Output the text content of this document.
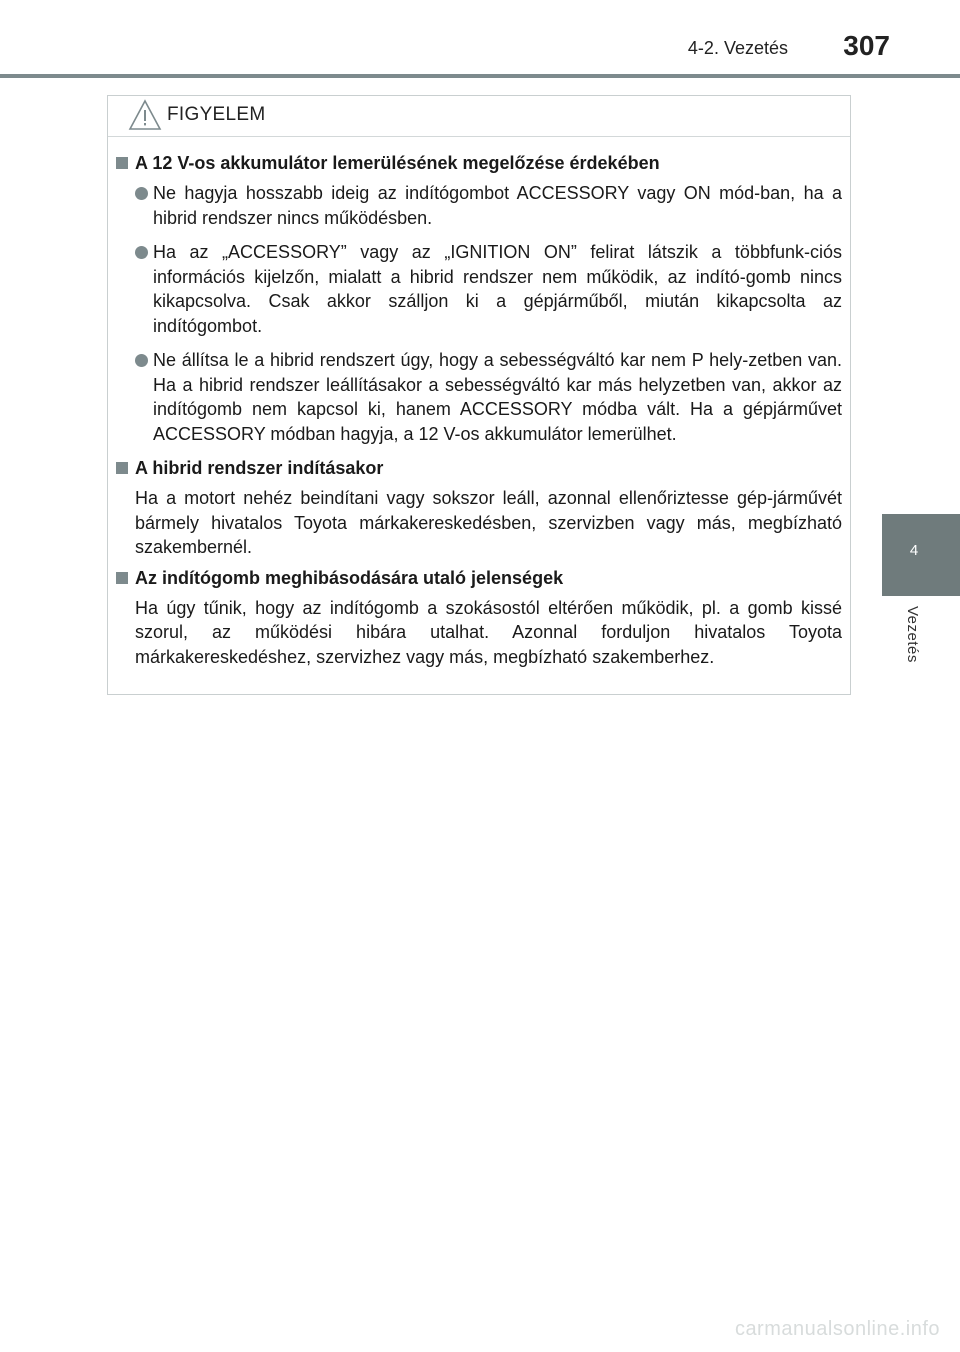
4-2. Vezetés	307
4
Vezetés
FIGYELEM
A 12 V-os akkumulátor lemerülésének megelőzése érdekében
Ne hagyja hosszabb ideig az indítógombot ACCESSORY vagy ON mód-ban, ha a hibrid rendszer nincs működésben.
Ha az „ACCESSORY” vagy az „IGNITION ON” felirat látszik a többfunk-ciós információs kijelzőn, mialatt a hibrid rendszer nem működik, az indító-gomb nincs kikapcsolva. Csak akkor szálljon ki a gépjárműből, miután kikapcsolta az indítógombot.
Ne állítsa le a hibrid rendszert úgy, hogy a sebességváltó kar nem P hely-zetben van. Ha a hibrid rendszer leállításakor a sebességváltó kar más helyzetben van, akkor az indítógomb nem kapcsol ki, hanem ACCESSORY módba vált. Ha a gépjárművet ACCESSORY módban hagyja, a 12 V-os akkumulátor lemerülhet.
A hibrid rendszer indításakor
Ha a motort nehéz beindítani vagy sokszor leáll, azonnal ellenőriztesse gép-járművét bármely hivatalos Toyota márkakereskedésben, szervizben vagy más, megbízható szakembernél.
Az indítógomb meghibásodására utaló jelenségek
Ha úgy tűnik, hogy az indítógomb a szokásostól eltérően működik, pl. a gomb kissé szorul, az működési hibára utalhat. Azonnal forduljon hivatalos Toyota márkakereskedéshez, szervizhez vagy más, megbízható szakemberhez.
carmanualsonline.info
